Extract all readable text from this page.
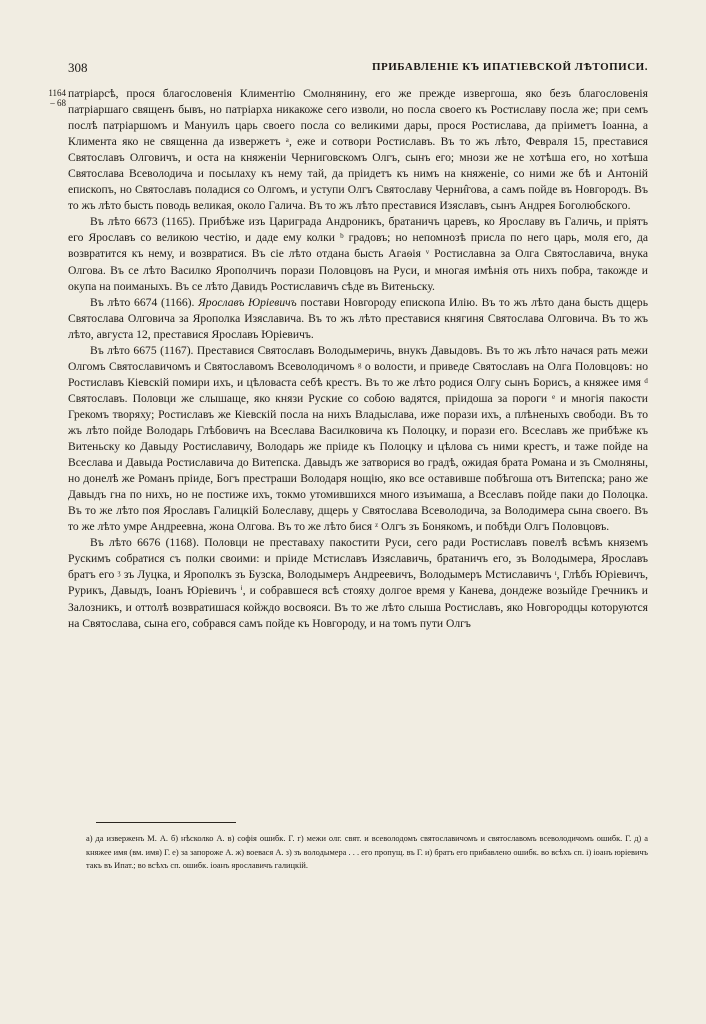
308	ПРИБАВЛЕНІЕ КЪ ИПАТІЕВСКОЙ ЛѢТОПИСИ.
1164 – 68

патріарсѣ, прося благословенія Климентію Смолнянину, его же прежде извергоша, яко безъ благословенія патріаршаго священъ бывъ, но патріарха никакоже сего изволи, но посла своего къ Ростиславу посла же; при семъ послѣ патріаршомъ и Мануилъ царь своего посла со великими дары, прося Ростислава, да пріиметъ Іоанна, а Климента яко не священна да извержетъ ᵃ, еже и сотвори Ростиславъ. Въ то жъ лѣто, Февраля 15, преставися Святославъ Олговичъ, и оста на княженіи Черниговскомъ Олгъ, сынъ его; мнози же не хотѣша его, но хотѣша Святослава Всеволодича и посылаху къ нему тай, да пріидетъ къ нимъ на княженіе, со ними же бѣ и Антоній епископъ, но Святославъ поладися со Олгомъ, и уступи Олгъ Святославу Черни̂гова, а самъ пойде въ Новгородъ. Въ то жъ лѣто бысть поводь великая, около Галича. Въ то жъ лѣто преставися Изяславъ, сынъ Андрея Боголюбского.

Въ лѣто 6673 (1165). Прибѣже изъ Цариграда Андроникъ, братаничъ царевъ, ко Ярославу въ Галичь, и пріятъ его Ярославъ со великою честію, и даде ему колки ᵇ градовъ; но непомнозѣ присла по него царь, моля его, да возвратится къ нему, и возвратися. Въ сіе лѣто отдана бысть Агаѳія ᵛ Ростиславна за Олга Святославича, внука Олгова. Въ се лѣто Василко Ярополчичъ порази Половцовъ на Руси, и многая имѣнія оть нихъ побра, такожде и окупа на поиманыхъ. Въ се лѣто Давидъ Ростиславичъ сѣде въ Витеньску.

Въ лѣто 6674 (1166). Ярославъ Юріевичъ постави Новгороду епископа Илію. Въ то жъ лѣто дана бысть дщерь Святослава Олговича за Ярополка Изяславича. Въ то жъ лѣто преставися княгиня Святослава Олговича. Въ то жъ лѣто, августа 12, преставися Ярославъ Юріевичъ.

Въ лѣто 6675 (1167). Преставися Святославъ Володымеричь, внукъ Давыдовъ. Въ то жъ лѣто начася рать межи Олгомъ Святославичомъ и Святославомъ Всеволодичомъ ᵍ о волости, и приведе Святославъ на Олга Половцовъ: но Ростиславъ Кіевскій помири ихъ, и цѣловаста себѣ крестъ. Въ то же лѣто родися Олгу сынъ Борисъ, а княжее имя ᵈ Святославъ. Половци же слышаще, яко князи Руские со собою вадятся, пріидоша за пороги ᵉ и многія пакости Грекомъ творяху; Ростиславъ же Кіевскій посла на нихъ Владыслава, иже порази ихъ, а плѣненыхъ свободи. Въ то жъ лѣто пойде Володарь Глѣбовичъ на Всеслава Василковича къ Полоцку, и порази его. Всеславъ же прибѣже къ Витеньску ко Давыду Ростиславичу, Володарь же пріиде къ Полоцку и цѣлова съ ними крестъ, и таже пойде на Всеслава и Давыда Ростиславича до Витепска. Давыдъ же затворися во градѣ, ожидая брата Романа и зъ Смолняны, но донелѣ же Романъ пріиде, Богъ престраши Володаря нощію, яко все оставивше побѣгоша отъ Витепска; рано же Давыдъ гна по нихъ, но не постиже ихъ, токмо утомившихся много изъимаша, а Всеславъ пойде паки до Полоцка. Въ то же лѣто поя Ярославъ Галицкій Болеславу, дщерь у Святослава Всеволодича, за Володимера сына своего. Въ то же лѣто умре Андреевна, жона Олгова. Въ то же лѣто бися ᶻ Олгъ зъ Бонякомъ, и побѣди Олгъ Половцовъ.

Въ лѣто 6676 (1168). Половци не преставаху пакостити Руси, сего ради Ростиславъ повелѣ всѣмъ княземъ Рускимъ собратися съ полки своими: и пріиде Мстиславъ Изяславичь, братаничъ его, зъ Володымера, Ярославъ братъ его ᶾ зъ Луцка, и Ярополкъ зъ Бузска, Володымеръ Андреевичъ, Володымеръ Мстиславичъ ᶦ, Глѣбъ Юріевичъ, Рурикъ, Давыдъ, Іоанъ Юріевичъ ⁱ, и собравшеся всѣ стояху долгое время у Канева, дондеже возыйде Гречникъ и Залозникъ, и оттолѣ возвратишася койждо восвояси. Въ то же лѣто слыша Ростиславъ, яко Новгородцы которуются на Святослава, сына его, собрався самъ пойде къ Новгороду, и на томъ пути Олгъ

а) да изверженъ М. А. б) нѣсколко А. в) софія ошибк. Г. г) межи олг. свят. и всеволодомъ святославичомъ и святославомъ всеволодичомъ ошибк. Г. д) а княжее имя (вм. имя) Г. е) за запороже А. ж) воевася А. з) зъ володымера . . . его пропущ. въ Г. и) братъ его прибавлено ошибк. во всѣхъ сп. і) іоанъ юріевичъ такъ въ Ипат.; во всѣхъ сп. ошибк. іоанъ ярославичъ галицкій.
